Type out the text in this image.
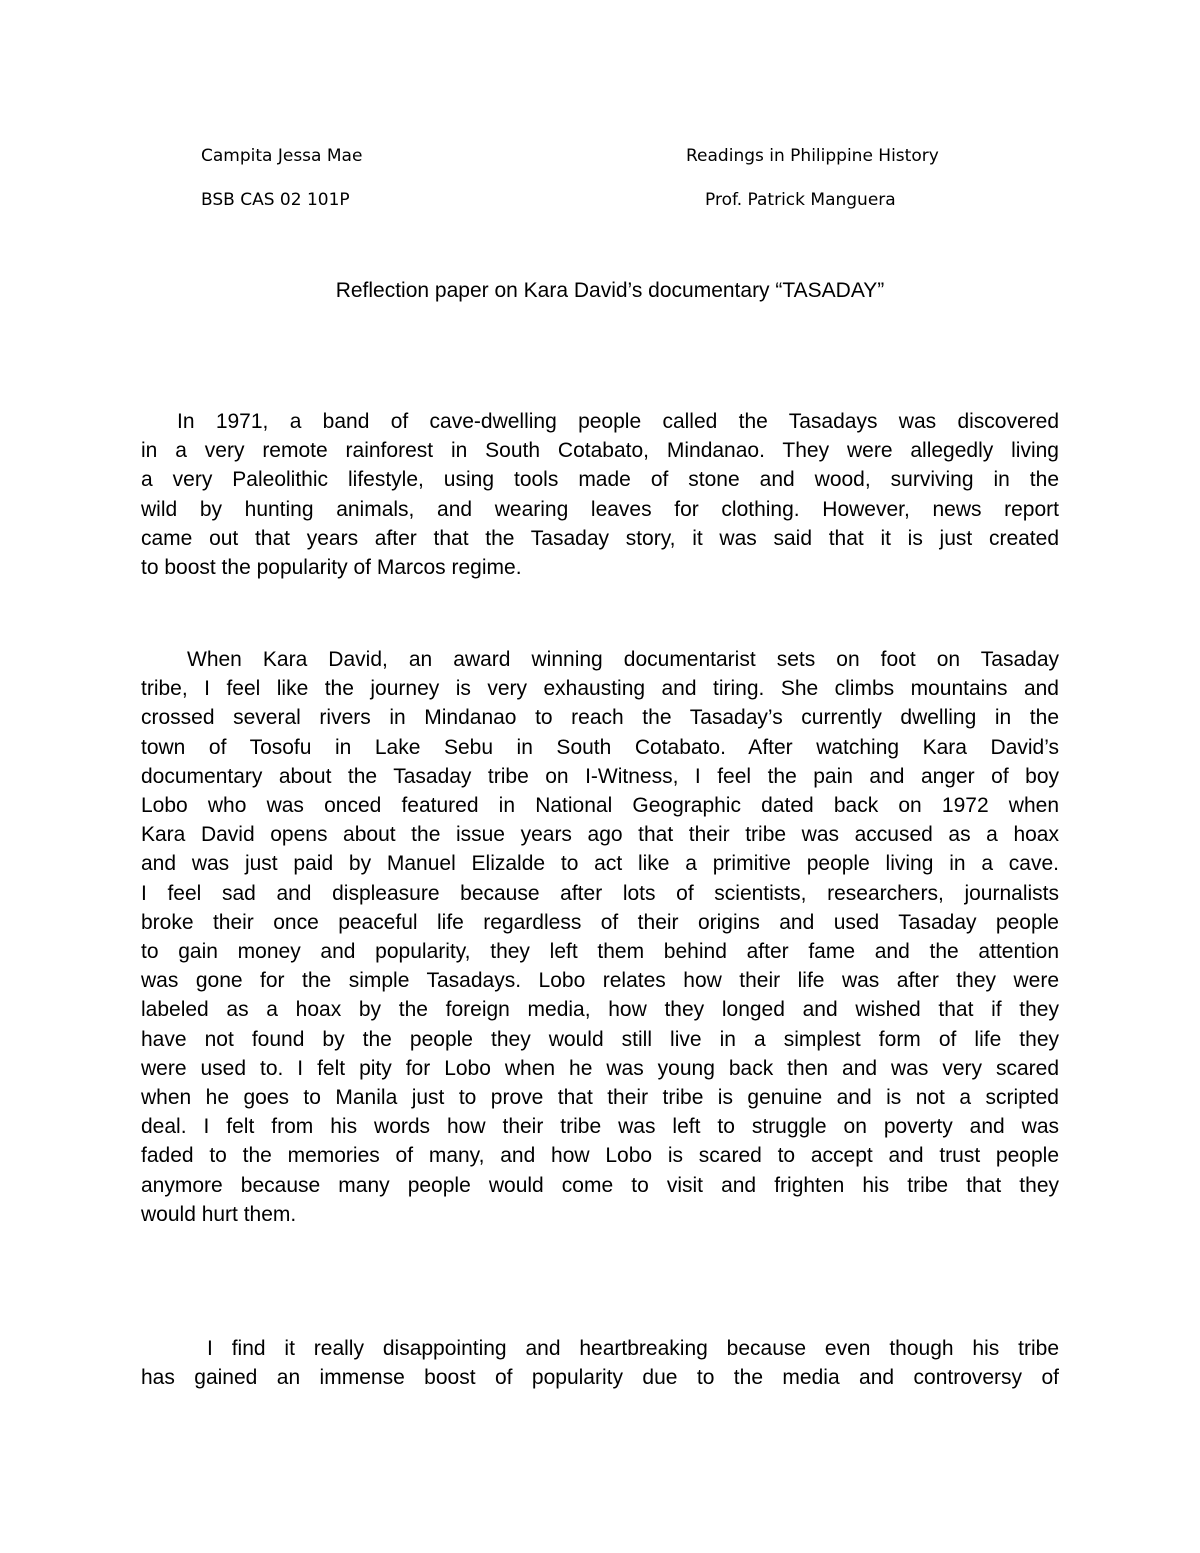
Campita Jessa Mae
BSB CAS 02 101P
Readings in Philippine History
Prof. Patrick Manguera
Reflection paper on Kara David’s documentary “TASADAY”
In 1971, a band of cave-dwelling people called the Tasadays was discovered
in a very remote rainforest in South Cotabato, Mindanao. They were allegedly living
a very Paleolithic lifestyle, using tools made of stone and wood, surviving in the
wild by hunting animals, and wearing leaves for clothing. However, news report
came out that years after that the Tasaday story, it was said that it is just created
to boost the popularity of Marcos regime.
When Kara David, an award winning documentarist sets on foot on Tasaday
tribe, I feel like the journey is very exhausting and tiring. She climbs mountains and
crossed several rivers in Mindanao to reach the Tasaday’s currently dwelling in the
town of Tosofu in Lake Sebu in South Cotabato. After watching Kara David’s
documentary about the Tasaday tribe on I-Witness, I feel the pain and anger of boy
Lobo who was onced featured in National Geographic dated back on 1972 when
Kara David opens about the issue years ago that their tribe was accused as a hoax
and was just paid by Manuel Elizalde to act like a primitive people living in a cave.
I feel sad and displeasure because after lots of scientists, researchers, journalists
broke their once peaceful life regardless of their origins and used Tasaday people
to gain money and popularity, they left them behind after fame and the attention
was gone for the simple Tasadays. Lobo relates how their life was after they were
labeled as a hoax by the foreign media, how they longed and wished that if they
have not found by the people they would still live in a simplest form of life they
were used to. I felt pity for Lobo when he was young back then and was very scared
when he goes to Manila just to prove that their tribe is genuine and is not a scripted
deal. I felt from his words how their tribe was left to struggle on poverty and was
faded to the memories of many, and how Lobo is scared to accept and trust people
anymore because many people would come to visit and frighten his tribe that they
would hurt them.
I find it really disappointing and heartbreaking because even though his tribe
has gained an immense boost of popularity due to the media and controversy of
